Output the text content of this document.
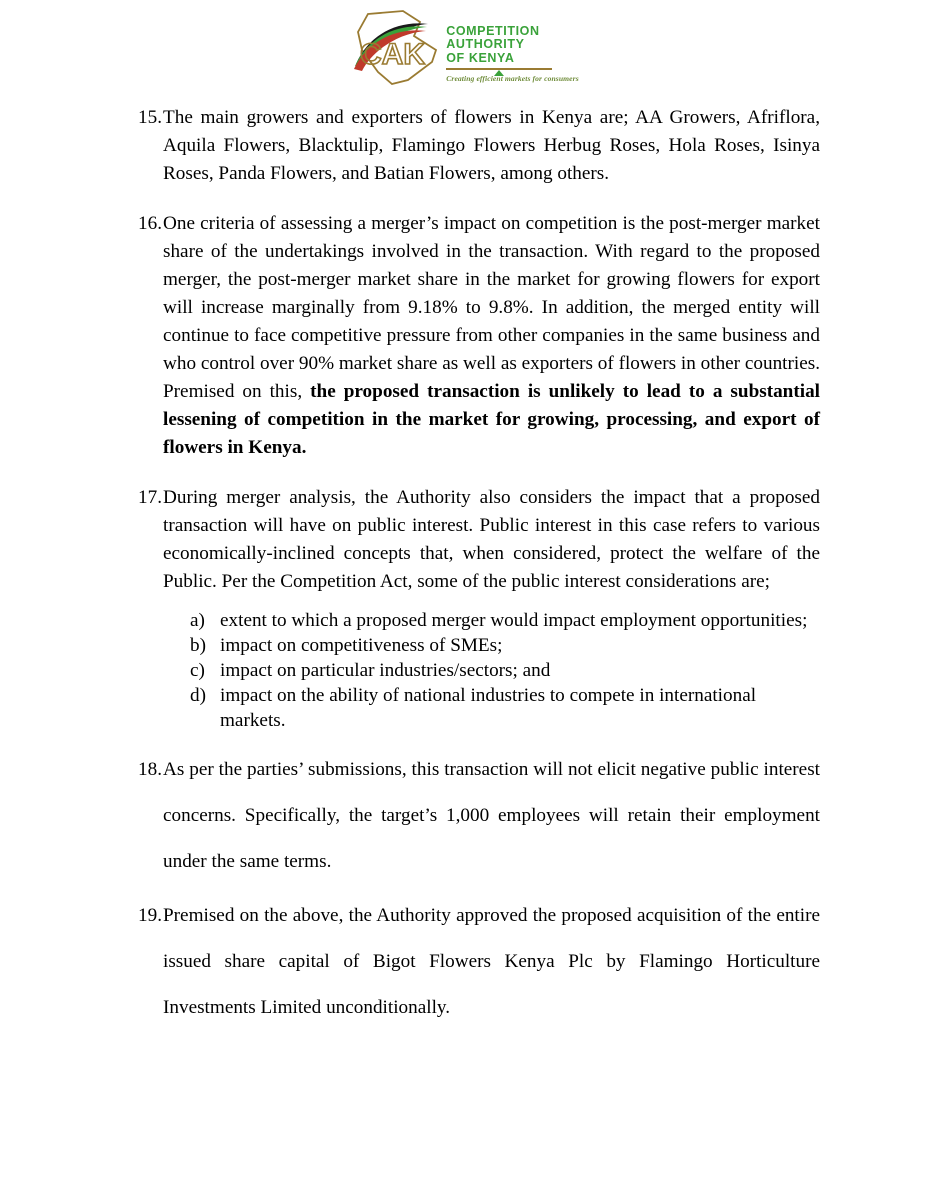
CAK
COMPETITION
AUTHORITY
OF KENYA
Creating efficient markets for consumers
15. The main growers and exporters of flowers in Kenya are; AA Growers, Afriflora, Aquila Flowers, Blacktulip, Flamingo Flowers Herbug Roses, Hola Roses, Isinya Roses, Panda Flowers, and Batian Flowers, among others.
16. One criteria of assessing a merger’s impact on competition is the post-merger market share of the undertakings involved in the transaction. With regard to the proposed merger, the post-merger market share in the market for growing flowers for export will increase marginally from 9.18% to 9.8%. In addition, the merged entity will continue to face competitive pressure from other companies in the same business and who control over 90% market share as well as exporters of flowers in other countries. Premised on this, the proposed transaction is unlikely to lead to a substantial lessening of competition in the market for growing, processing, and export of flowers in Kenya.
17. During merger analysis, the Authority also considers the impact that a proposed transaction will have on public interest. Public interest in this case refers to various economically-inclined concepts that, when considered, protect the welfare of the Public. Per the Competition Act, some of the public interest considerations are;
a) extent to which a proposed merger would impact employment opportunities;
b) impact on competitiveness of SMEs;
c) impact on particular industries/sectors; and
d) impact on the ability of national industries to compete in international markets.
18. As per the parties’ submissions, this transaction will not elicit negative public interest concerns. Specifically, the target’s 1,000 employees will retain their employment under the same terms.
19. Premised on the above, the Authority approved the proposed acquisition of the entire issued share capital of Bigot Flowers Kenya Plc by Flamingo Horticulture Investments Limited unconditionally.
